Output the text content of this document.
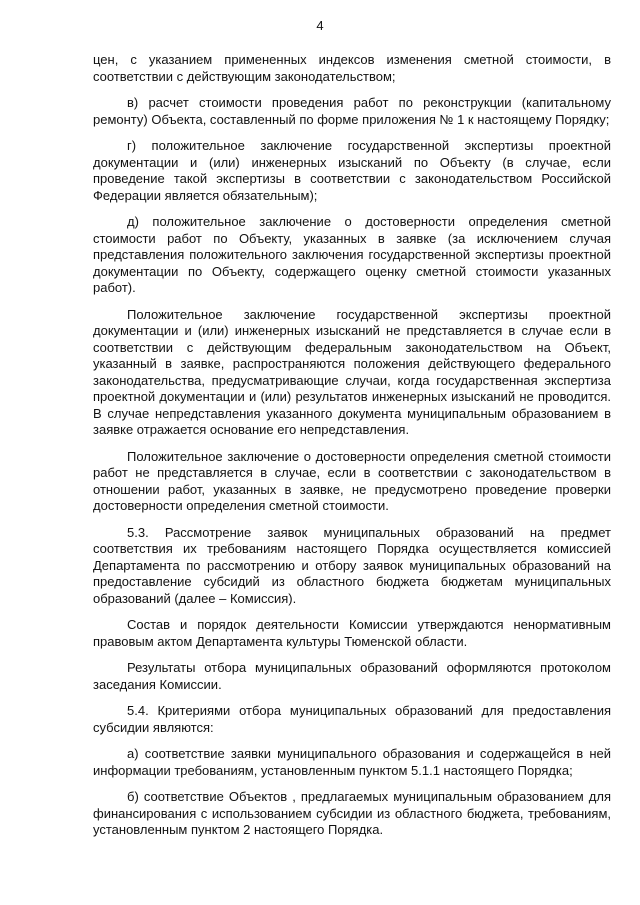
4

цен, с указанием примененных индексов изменения сметной стоимости, в соответствии с действующим законодательством;

в) расчет стоимости проведения работ по реконструкции (капитальному ремонту) Объекта, составленный по форме приложения № 1 к настоящему Порядку;

г) положительное заключение государственной экспертизы проектной документации и (или) инженерных изысканий по Объекту (в случае, если проведение такой экспертизы в соответствии с законодательством Российской Федерации является обязательным);

д) положительное заключение о достоверности определения сметной стоимости работ по Объекту, указанных в заявке (за исключением случая представления положительного заключения государственной экспертизы проектной документации по Объекту, содержащего оценку сметной стоимости указанных работ).

Положительное заключение государственной экспертизы проектной документации и (или) инженерных изысканий не представляется в случае если в соответствии с действующим федеральным законодательством на Объект, указанный в заявке, распространяются положения действующего федерального законодательства, предусматривающие случаи, когда государственная экспертиза проектной документации и (или) результатов инженерных изысканий не проводится. В случае непредставления указанного документа муниципальным образованием в заявке отражается основание его непредставления.

Положительное заключение о достоверности определения сметной стоимости работ не представляется в случае, если в соответствии с законодательством в отношении работ, указанных в заявке, не предусмотрено проведение проверки достоверности определения сметной стоимости.

5.3. Рассмотрение заявок муниципальных образований на предмет соответствия их требованиям настоящего Порядка осуществляется комиссией Департамента по рассмотрению и отбору заявок муниципальных образований на предоставление субсидий из областного бюджета бюджетам муниципальных образований (далее – Комиссия).

Состав и порядок деятельности Комиссии утверждаются ненормативным правовым актом Департамента культуры Тюменской области.

Результаты отбора муниципальных образований оформляются протоколом заседания Комиссии.

5.4. Критериями отбора муниципальных образований для предоставления субсидии являются:

а) соответствие заявки муниципального образования и содержащейся в ней информации требованиям, установленным пунктом 5.1.1 настоящего Порядка;

б) соответствие Объектов , предлагаемых муниципальным образованием для финансирования с использованием субсидии из областного бюджета, требованиям, установленным пунктом 2 настоящего Порядка.
